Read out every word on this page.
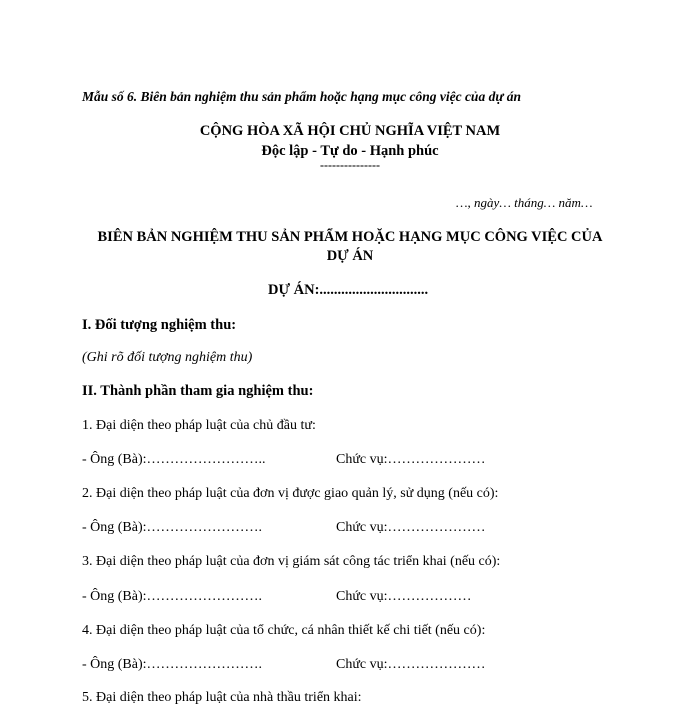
Mẫu số 6. Biên bản nghiệm thu sản phẩm hoặc hạng mục công việc của dự án
CỘNG HÒA XÃ HỘI CHỦ NGHĨA VIỆT NAM
Độc lập - Tự do - Hạnh phúc
---------------
…, ngày… tháng… năm…
BIÊN BẢN NGHIỆM THU SẢN PHẨM HOẶC HẠNG MỤC CÔNG VIỆC CỦA
DỰ ÁN
DỰ ÁN:..............................
I. Đối tượng nghiệm thu:
(Ghi rõ đối tượng nghiệm thu)
II. Thành phần tham gia nghiệm thu:
1. Đại diện theo pháp luật của chủ đầu tư:
- Ông (Bà):……………………..	Chức vụ:…………………
2. Đại diện theo pháp luật của đơn vị được giao quản lý, sử dụng (nếu có):
- Ông (Bà):…………………….	Chức vụ:…………………
3. Đại diện theo pháp luật của đơn vị giám sát công tác triển khai (nếu có):
- Ông (Bà):…………………….	Chức vụ:………………
4. Đại diện theo pháp luật của tổ chức, cá nhân thiết kế chi tiết (nếu có):
- Ông (Bà):…………………….	Chức vụ:…………………
5. Đại diện theo pháp luật của nhà thầu triển khai:
